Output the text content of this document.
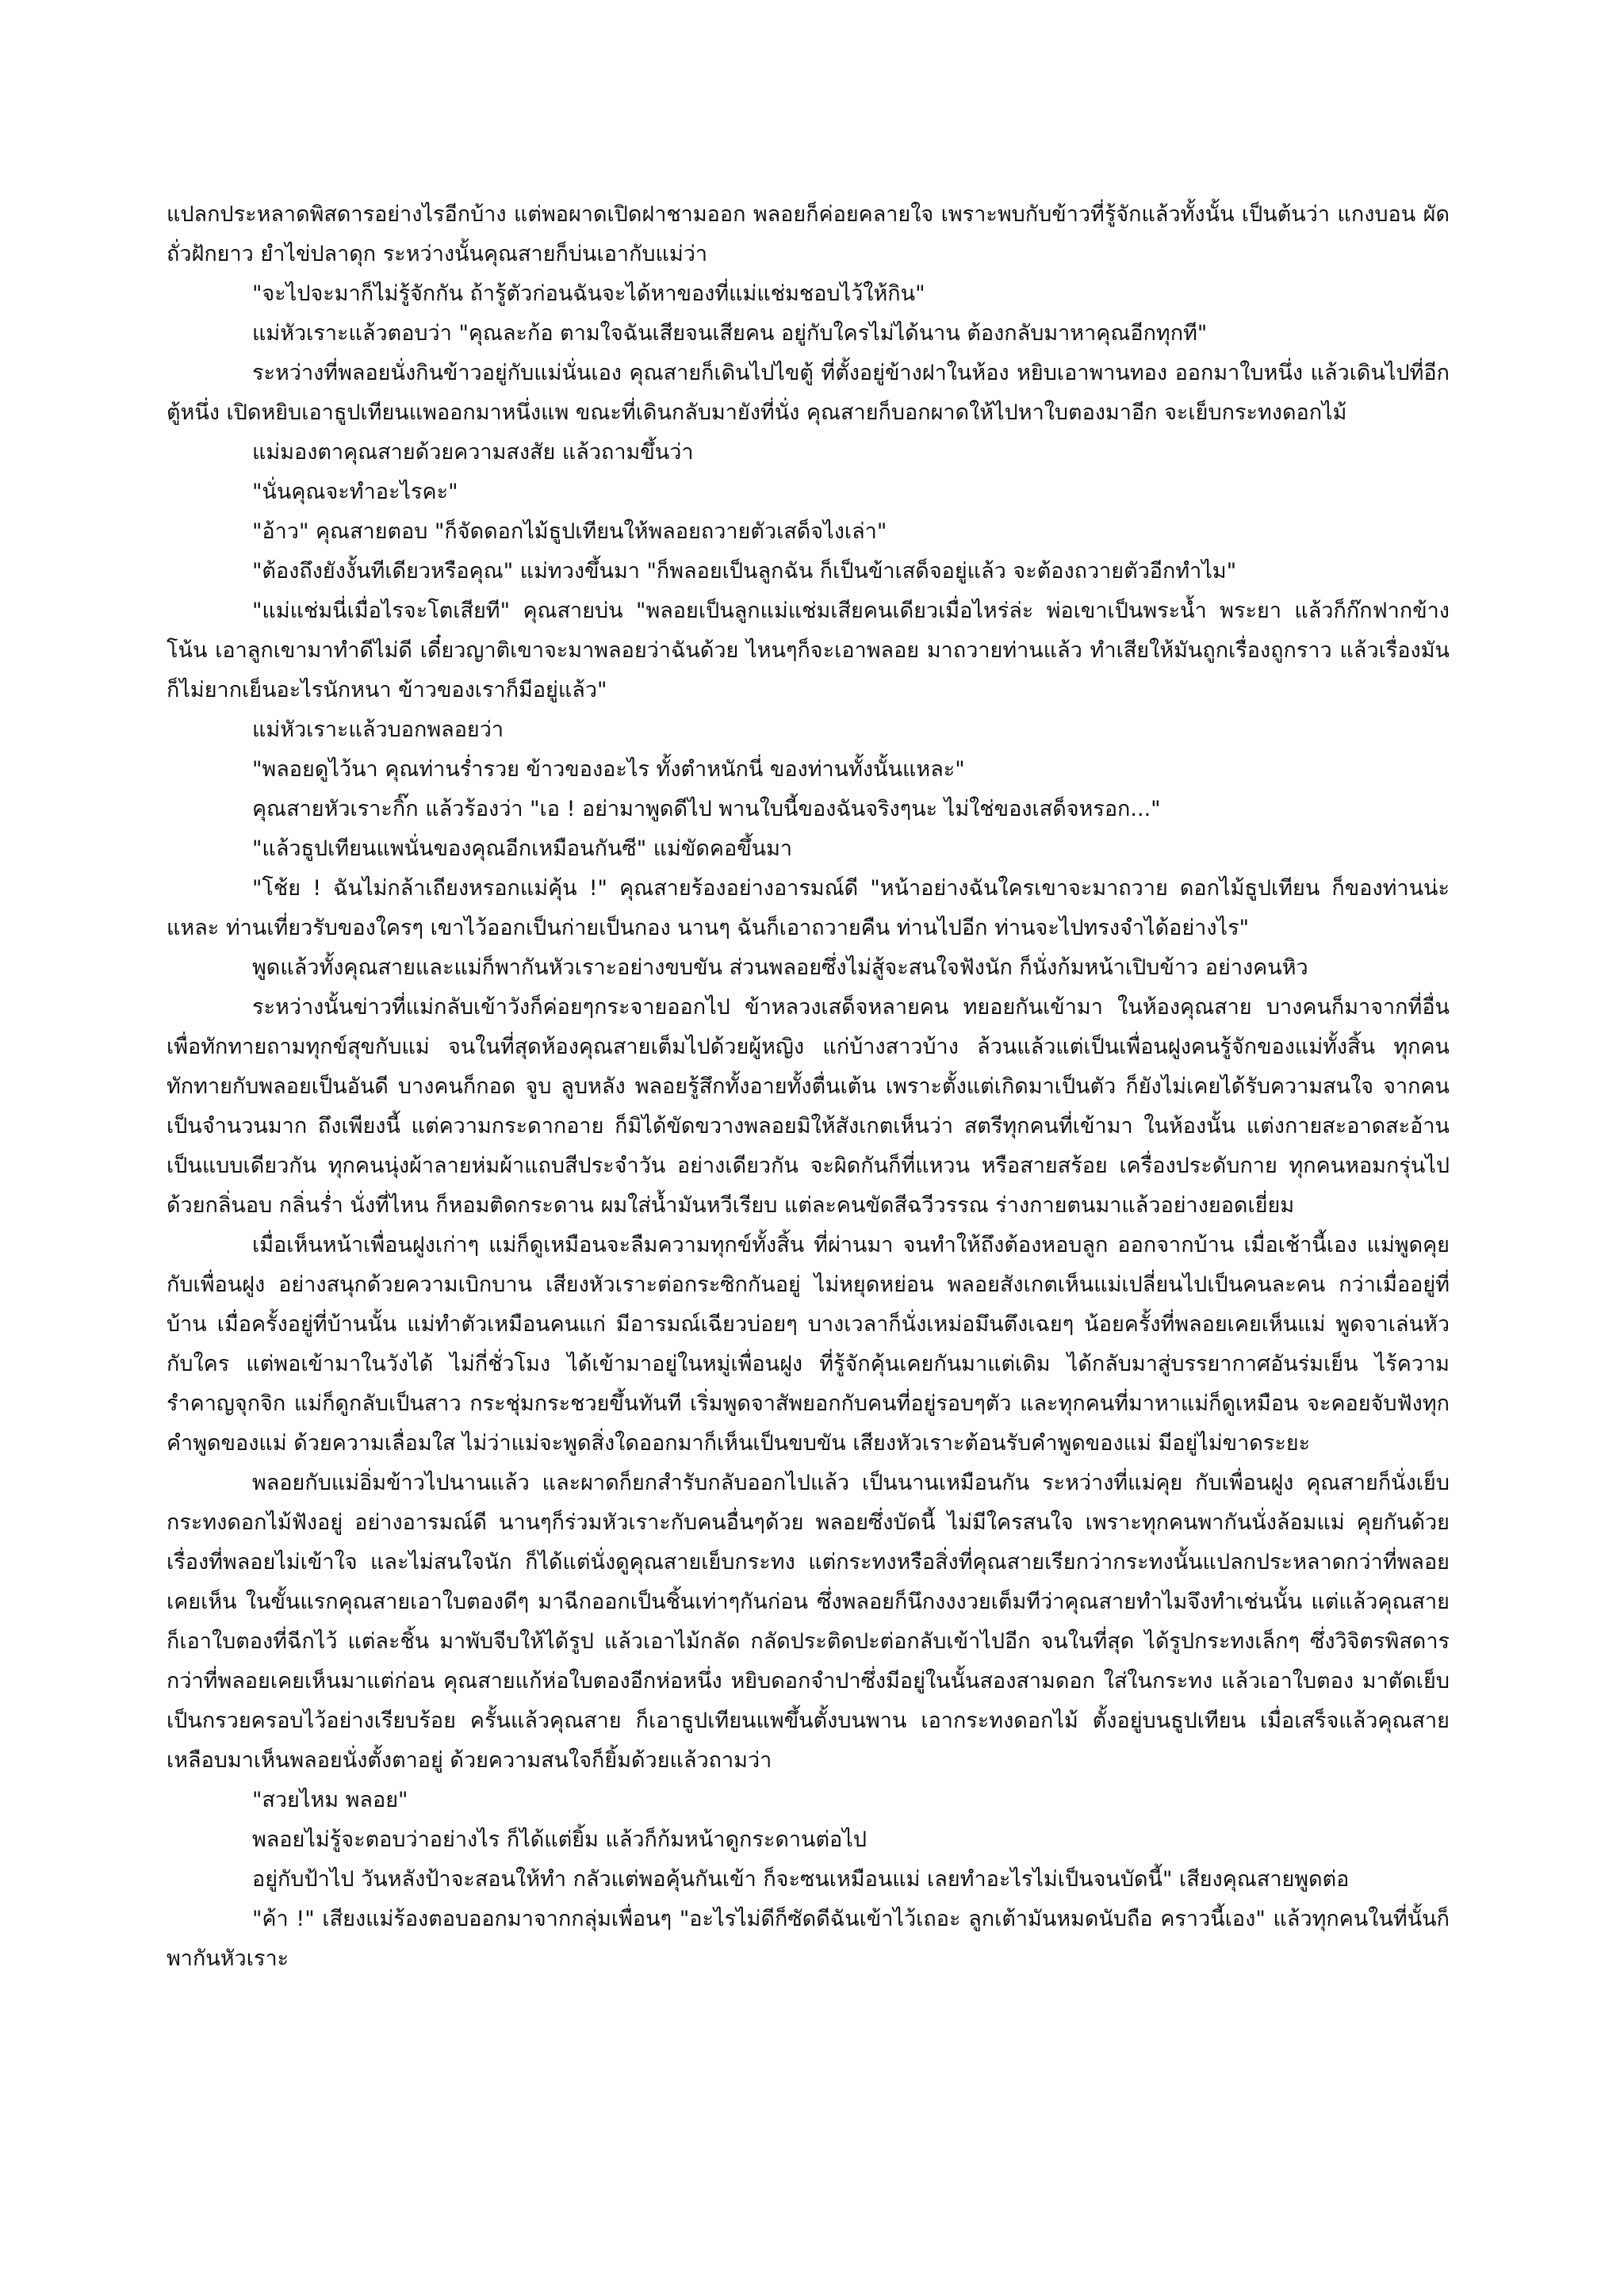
แปลกประหลาดพิสดารอย่างไรอีกบ้าง แต่พอผาดเปิดฝาชามออก พลอยก็ค่อยคลายใจ เพราะพบกับข้าวที่รู้จักแล้วทั้งนั้น เป็นต้นว่า แกงบอน ผัดถั่วฝักยาว ยำไข่ปลาดุก ระหว่างนั้นคุณสายก็บ่นเอากับแม่ว่า

"จะไปจะมาก็ไม่รู้จักกัน ถ้ารู้ตัวก่อนฉันจะได้หาของที่แม่แช่มชอบไว้ให้กิน"

แม่หัวเราะแล้วตอบว่า "คุณละก้อ ตามใจฉันเสียจนเสียคน อยู่กับใครไม่ได้นาน ต้องกลับมาหาคุณอีกทุกที"

ระหว่างที่พลอยนั่งกินข้าวอยู่กับแม่นั่นเอง คุณสายก็เดินไปไขตู้ ที่ตั้งอยู่ข้างฝาในห้อง หยิบเอาพานทอง ออกมาใบหนึ่ง แล้วเดินไปที่อีกตู้หนึ่ง เปิดหยิบเอาธูปเทียนแพออกมาหนึ่งแพ ขณะที่เดินกลับมายังที่นั่ง คุณสายก็บอกผาดให้ไปหาใบตองมาอีก จะเย็บกระทงดอกไม้

แม่มองตาคุณสายด้วยความสงสัย แล้วถามขึ้นว่า

"นั่นคุณจะทำอะไรคะ"

"อ้าว" คุณสายตอบ "ก็จัดดอกไม้ธูปเทียนให้พลอยถวายตัวเสด็จไงเล่า"

"ต้องถึงยังงั้นทีเดียวหรือคุณ" แม่ทวงขึ้นมา "ก็พลอยเป็นลูกฉัน ก็เป็นข้าเสด็จอยู่แล้ว จะต้องถวายตัวอีกทำไม"

"แม่แช่มนี่เมื่อไรจะโตเสียที" คุณสายบ่น "พลอยเป็นลูกแม่แช่มเสียคนเดียวเมื่อไหร่ล่ะ พ่อเขาเป็นพระน้ำ พระยา แล้วก็ก๊กฟากข้างโน้น เอาลูกเขามาทำดีไม่ดี เดี๋ยวญาติเขาจะมาพลอยว่าฉันด้วย ไหนๆก็จะเอาพลอย มาถวายท่านแล้ว ทำเสียให้มันถูกเรื่องถูกราว แล้วเรื่องมันก็ไม่ยากเย็นอะไรนักหนา ข้าวของเราก็มีอยู่แล้ว"

แม่หัวเราะแล้วบอกพลอยว่า

"พลอยดูไว้นา คุณท่านร่ำรวย ข้าวของอะไร ทั้งตำหนักนี่ ของท่านทั้งนั้นแหละ"

คุณสายหัวเราะกิ๊ก แล้วร้องว่า "เอ ! อย่ามาพูดดีไป พานใบนี้ของฉันจริงๆนะ ไม่ใช่ของเสด็จหรอก..."

"แล้วธูปเทียนแพนั่นของคุณอีกเหมือนกันซี" แม่ขัดคอขึ้นมา

"โช้ย ! ฉันไม่กล้าเถียงหรอกแม่คุ้น !" คุณสายร้องอย่างอารมณ์ดี "หน้าอย่างฉันใครเขาจะมาถวาย ดอกไม้ธูปเทียน ก็ของท่านน่ะแหละ ท่านเที่ยวรับของใครๆ เขาไว้ออกเป็นก่ายเป็นกอง นานๆ ฉันก็เอาถวายคืน ท่านไปอีก ท่านจะไปทรงจำได้อย่างไร"

พูดแล้วทั้งคุณสายและแม่ก็พากันหัวเราะอย่างขบขัน ส่วนพลอยซึ่งไม่สู้จะสนใจฟังนัก ก็นั่งก้มหน้าเปิบข้าว อย่างคนหิว

ระหว่างนั้นข่าวที่แม่กลับเข้าวังก็ค่อยๆกระจายออกไป ข้าหลวงเสด็จหลายคน ทยอยกันเข้ามา ในห้องคุณสาย บางคนก็มาจากที่อื่น เพื่อทักทายถามทุกข์สุขกับแม่ จนในที่สุดห้องคุณสายเต็มไปด้วยผู้หญิง แก่บ้างสาวบ้าง ล้วนแล้วแต่เป็นเพื่อนฝูงคนรู้จักของแม่ทั้งสิ้น ทุกคนทักทายกับพลอยเป็นอันดี บางคนก็กอด จูบ ลูบหลัง พลอยรู้สึกทั้งอายทั้งตื่นเต้น เพราะตั้งแต่เกิดมาเป็นตัว ก็ยังไม่เคยได้รับความสนใจ จากคนเป็นจำนวนมาก ถึงเพียงนี้ แต่ความกระดากอาย ก็มิได้ขัดขวางพลอยมิให้สังเกตเห็นว่า สตรีทุกคนที่เข้ามา ในห้องนั้น แต่งกายสะอาดสะอ้าน เป็นแบบเดียวกัน ทุกคนนุ่งผ้าลายห่มผ้าแถบสีประจำวัน อย่างเดียวกัน จะผิดกันก็ที่แหวน หรือสายสร้อย เครื่องประดับกาย ทุกคนหอมกรุ่นไปด้วยกลิ่นอบ กลิ่นร่ำ นั่งที่ไหน ก็หอมติดกระดาน ผมใส่น้ำมันหวีเรียบ แต่ละคนขัดสีฉวีวรรณ ร่างกายตนมาแล้วอย่างยอดเยี่ยม

เมื่อเห็นหน้าเพื่อนฝูงเก่าๆ แม่ก็ดูเหมือนจะลืมความทุกข์ทั้งสิ้น ที่ผ่านมา จนทำให้ถึงต้องหอบลูก ออกจากบ้าน เมื่อเช้านี้เอง แม่พูดคุยกับเพื่อนฝูง อย่างสนุกด้วยความเบิกบาน เสียงหัวเราะต่อกระซิกกันอยู่ ไม่หยุดหย่อน พลอยสังเกตเห็นแม่เปลี่ยนไปเป็นคนละคน กว่าเมื่ออยู่ที่บ้าน เมื่อครั้งอยู่ที่บ้านนั้น แม่ทำตัวเหมือนคนแก่ มีอารมณ์เฉียวบ่อยๆ บางเวลาก็นั่งเหม่อมึนตึงเฉยๆ น้อยครั้งที่พลอยเคยเห็นแม่ พูดจาเล่นหัวกับใคร แต่พอเข้ามาในวังได้ ไม่กี่ชั่วโมง ได้เข้ามาอยู่ในหมู่เพื่อนฝูง ที่รู้จักคุ้นเคยกันมาแต่เดิม ได้กลับมาสู่บรรยากาศอันร่มเย็น ไร้ความรำคาญจุกจิก แม่ก็ดูกลับเป็นสาว กระชุ่มกระชวยขึ้นทันที เริ่มพูดจาสัพยอกกับคนที่อยู่รอบๆตัว และทุกคนที่มาหาแม่ก็ดูเหมือน จะคอยจับฟังทุกคำพูดของแม่ ด้วยความเลื่อมใส ไม่ว่าแม่จะพูดสิ่งใดออกมาก็เห็นเป็นขบขัน เสียงหัวเราะต้อนรับคำพูดของแม่ มีอยู่ไม่ขาดระยะ

พลอยกับแม่อิ่มข้าวไปนานแล้ว และผาดก็ยกสำรับกลับออกไปแล้ว เป็นนานเหมือนกัน ระหว่างที่แม่คุย กับเพื่อนฝูง คุณสายก็นั่งเย็บกระทงดอกไม้ฟังอยู่ อย่างอารมณ์ดี นานๆก็ร่วมหัวเราะกับคนอื่นๆด้วย พลอยซึ่งบัดนี้ ไม่มีใครสนใจ เพราะทุกคนพากันนั่งล้อมแม่ คุยกันด้วยเรื่องที่พลอยไม่เข้าใจ และไม่สนใจนัก ก็ได้แต่นั่งดูคุณสายเย็บกระทง แต่กระทงหรือสิ่งที่คุณสายเรียกว่ากระทงนั้นแปลกประหลาดกว่าที่พลอยเคยเห็น ในขั้นแรกคุณสายเอาใบตองดีๆ มาฉีกออกเป็นชิ้นเท่าๆกันก่อน ซึ่งพลอยก็นึกงงงวยเต็มทีว่าคุณสายทำไมจึงทำเช่นนั้น แต่แล้วคุณสายก็เอาใบตองที่ฉีกไว้ แต่ละชิ้น มาพับจีบให้ได้รูป แล้วเอาไม้กลัด กลัดประติดปะต่อกลับเข้าไปอีก จนในที่สุด ได้รูปกระทงเล็กๆ ซึ่งวิจิตรพิสดารกว่าที่พลอยเคยเห็นมาแต่ก่อน คุณสายแก้ห่อใบตองอีกห่อหนึ่ง หยิบดอกจำปาซึ่งมีอยู่ในนั้นสองสามดอก ใส่ในกระทง แล้วเอาใบตอง มาตัดเย็บเป็นกรวยครอบไว้อย่างเรียบร้อย ครั้นแล้วคุณสาย ก็เอาธูปเทียนแพขึ้นตั้งบนพาน เอากระทงดอกไม้ ตั้งอยู่บนธูปเทียน เมื่อเสร็จแล้วคุณสาย เหลือบมาเห็นพลอยนั่งตั้งตาอยู่ ด้วยความสนใจก็ยิ้มด้วยแล้วถามว่า

"สวยไหม พลอย"

พลอยไม่รู้จะตอบว่าอย่างไร ก็ได้แต่ยิ้ม แล้วก็ก้มหน้าดูกระดานต่อไป

อยู่กับป้าไป วันหลังป้าจะสอนให้ทำ กลัวแต่พอคุ้นกันเข้า ก็จะซนเหมือนแม่ เลยทำอะไรไม่เป็นจนบัดนี้" เสียงคุณสายพูดต่อ

"ค้า !" เสียงแม่ร้องตอบออกมาจากกลุ่มเพื่อนๆ "อะไรไม่ดีก็ซัดดีฉันเข้าไว้เถอะ ลูกเต้ามันหมดนับถือ คราวนี้เอง" แล้วทุกคนในที่นั้นก็พากันหัวเราะ
